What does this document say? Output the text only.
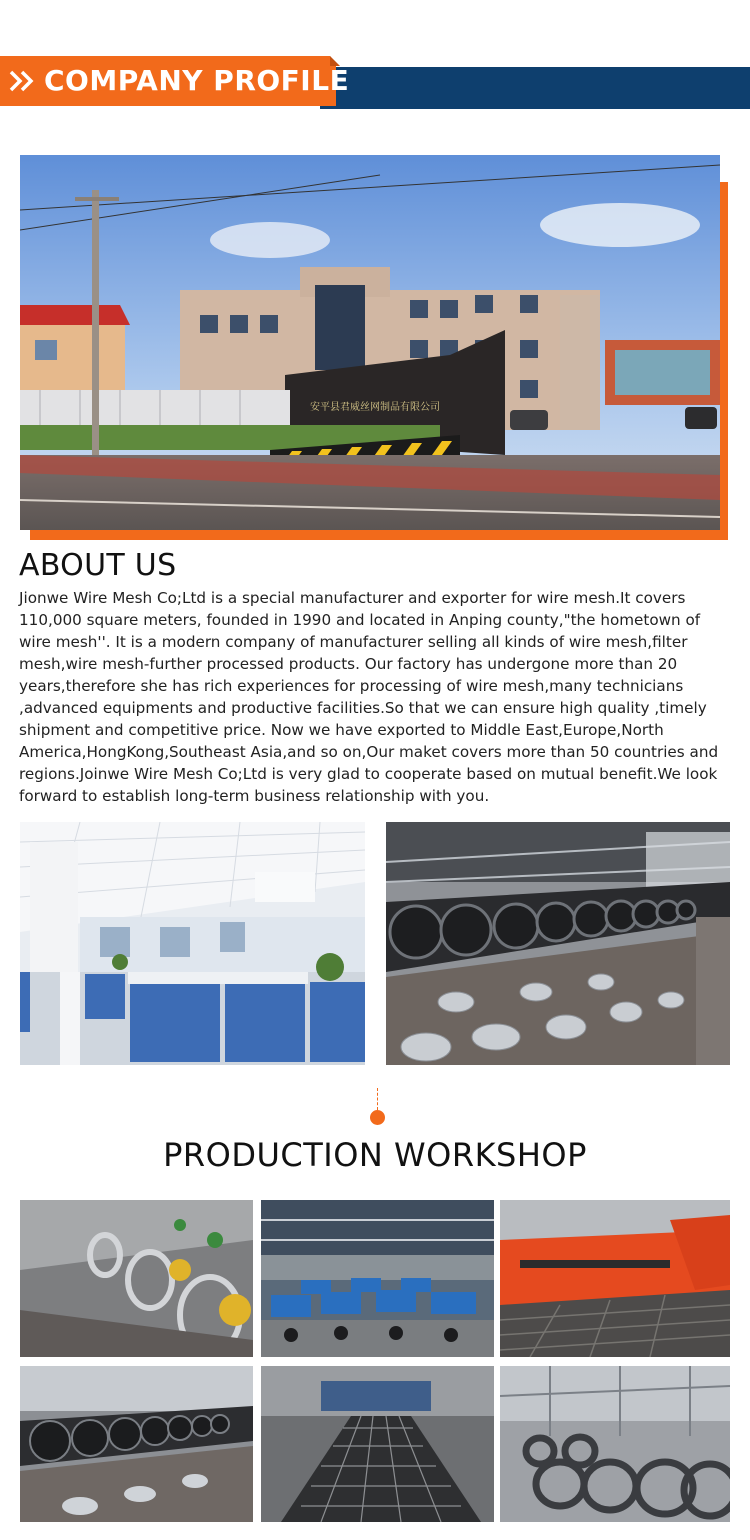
COMPANY PROFILE
安平县君威丝网制品有限公司
ABOUT US
Jionwe Wire Mesh Co;Ltd is a special manufacturer and exporter for wire mesh.It covers 110,000 square meters, founded in 1990 and located in Anping county,"the hometown of wire mesh''. It is a modern company of manufacturer selling all kinds of wire mesh,filter mesh,wire mesh-further processed products. Our factory has undergone more than 20 years,therefore she has rich experiences for processing of wire mesh,many technicians ,advanced equipments and productive facilities.So that we can ensure high quality ,timely shipment and competitive price. Now we have exported to Middle East,Europe,North America,HongKong,Southeast Asia,and so on,Our maket covers more than 50 countries and regions.Joinwe Wire Mesh Co;Ltd is very glad to cooperate based on mutual benefit.We look forward to establish long-term business relationship with you.
PRODUCTION WORKSHOP
